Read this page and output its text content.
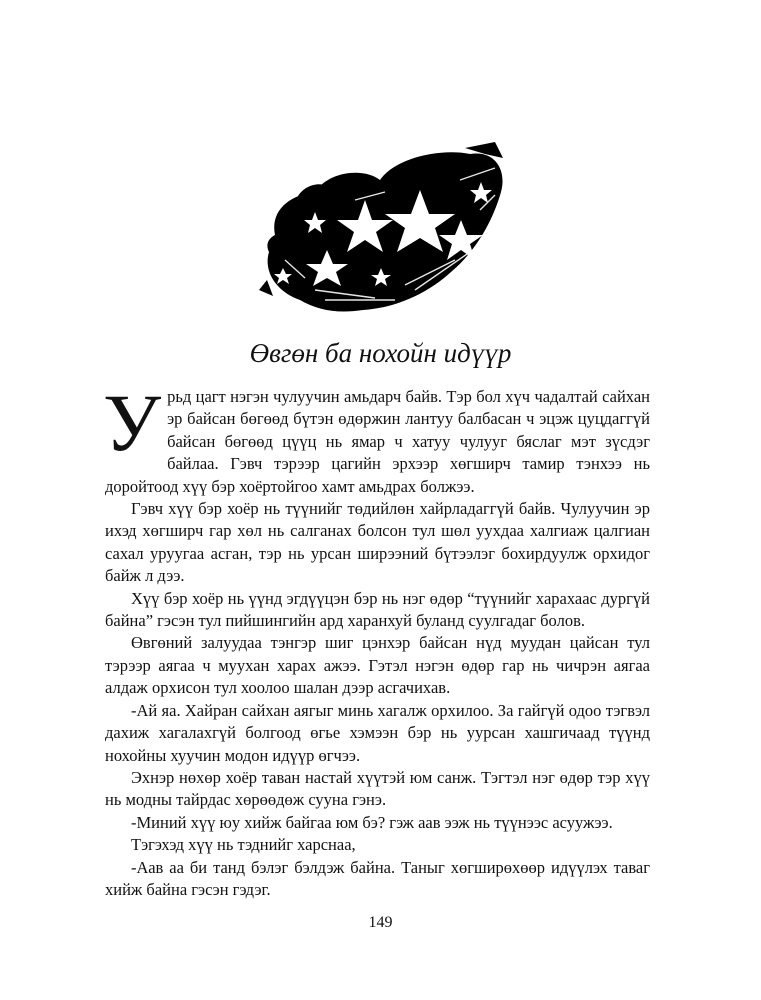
Өвгөн ба нохойн идүүр

Урьд цагт нэгэн чулуучин амьдарч байв. Тэр бол хүч чадалтай сайхан эр байсан бөгөөд бүтэн өдөржин лантуу балбасан ч эцэж цуцдаггүй байсан бөгөөд цүүц нь ямар ч хатуу чулууг бяслаг мэт зүсдэг байлаа. Гэвч тэрээр цагийн эрхээр хөгширч тамир тэнхээ нь доройтоод хүү бэр хоёртойгоо хамт амьдрах болжээ.

Гэвч хүү бэр хоёр нь түүнийг төдийлөн хайрладаггүй байв. Чулуучин эр ихэд хөгширч гар хөл нь салганах болсон тул шөл уухдаа халгиаж цалгиан сахал уруугаа асган, тэр нь урсан ширээний бүтээлэг бохирдуулж орхидог байж л дээ.

Хүү бэр хоёр нь үүнд эгдүүцэн бэр нь нэг өдөр “түүнийг харахаас дургүй байна” гэсэн тул пийшингийн ард харанхуй буланд суулгадаг болов.

Өвгөний залуудаа тэнгэр шиг цэнхэр байсан нүд муудан цайсан тул тэрээр аягаа ч муухан харах ажээ. Гэтэл нэгэн өдөр гар нь чичрэн аягаа алдаж орхисон тул хоолоо шалан дээр асгачихав.

-Ай яа. Хайран сайхан аягыг минь хагалж орхилоо. За гайгүй одоо тэгвэл дахиж хагалахгүй болгоод өгье хэмээн бэр нь уурсан хашгичаад түүнд нохойны хуучин модон идүүр өгчээ.

Эхнэр нөхөр хоёр таван настай хүүтэй юм санж. Тэгтэл нэг өдөр тэр хүү нь модны тайрдас хөрөөдөж сууна гэнэ.

-Миний хүү юу хийж байгаа юм бэ? гэж аав ээж нь түүнээс асуужээ.

Тэгэхэд хүү нь тэднийг харснаа,

-Аав аа би танд бэлэг бэлдэж байна. Таныг хөгширөхөөр идүүлэх таваг хийж байна гэсэн гэдэг.

149
